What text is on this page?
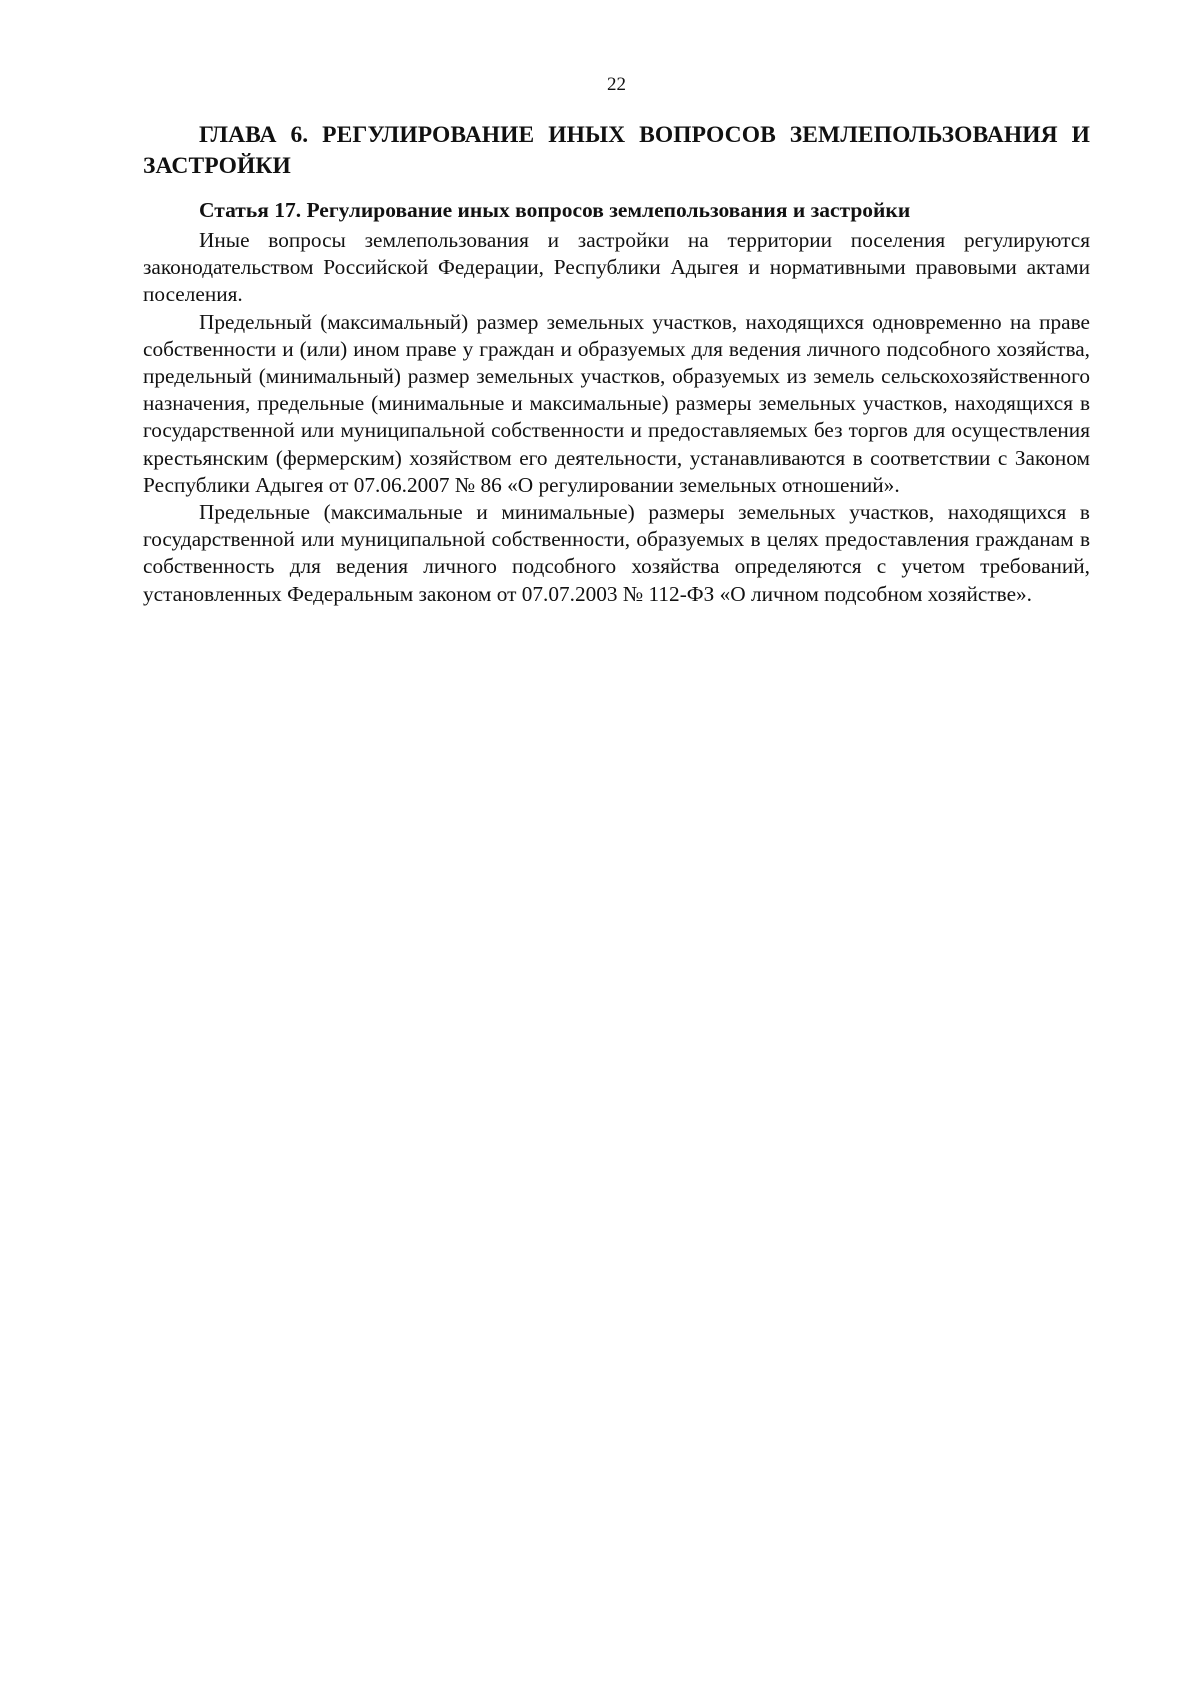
22
ГЛАВА 6. РЕГУЛИРОВАНИЕ ИНЫХ ВОПРОСОВ ЗЕМЛЕПОЛЬЗОВАНИЯ И ЗАСТРОЙКИ
Статья 17. Регулирование иных вопросов землепользования и застройки

Иные вопросы землепользования и застройки на территории поселения регулируются законодательством Российской Федерации, Республики Адыгея и нормативными правовыми актами поселения.

Предельный (максимальный) размер земельных участков, находящихся одновременно на праве собственности и (или) ином праве у граждан и образуемых для ведения личного подсобного хозяйства, предельный (минимальный) размер земельных участков, образуемых из земель сельскохозяйственного назначения, предельные (минимальные и максимальные) размеры земельных участков, находящихся в государственной или муниципальной собственности и предоставляемых без торгов для осуществления крестьянским (фермерским) хозяйством его деятельности, устанавливаются в соответствии с Законом Республики Адыгея от 07.06.2007 № 86 «О регулировании земельных отношений».

Предельные (максимальные и минимальные) размеры земельных участков, находящихся в государственной или муниципальной собственности, образуемых в целях предоставления гражданам в собственность для ведения личного подсобного хозяйства определяются с учетом требований, установленных Федеральным законом от 07.07.2003 № 112-ФЗ «О личном подсобном хозяйстве».
